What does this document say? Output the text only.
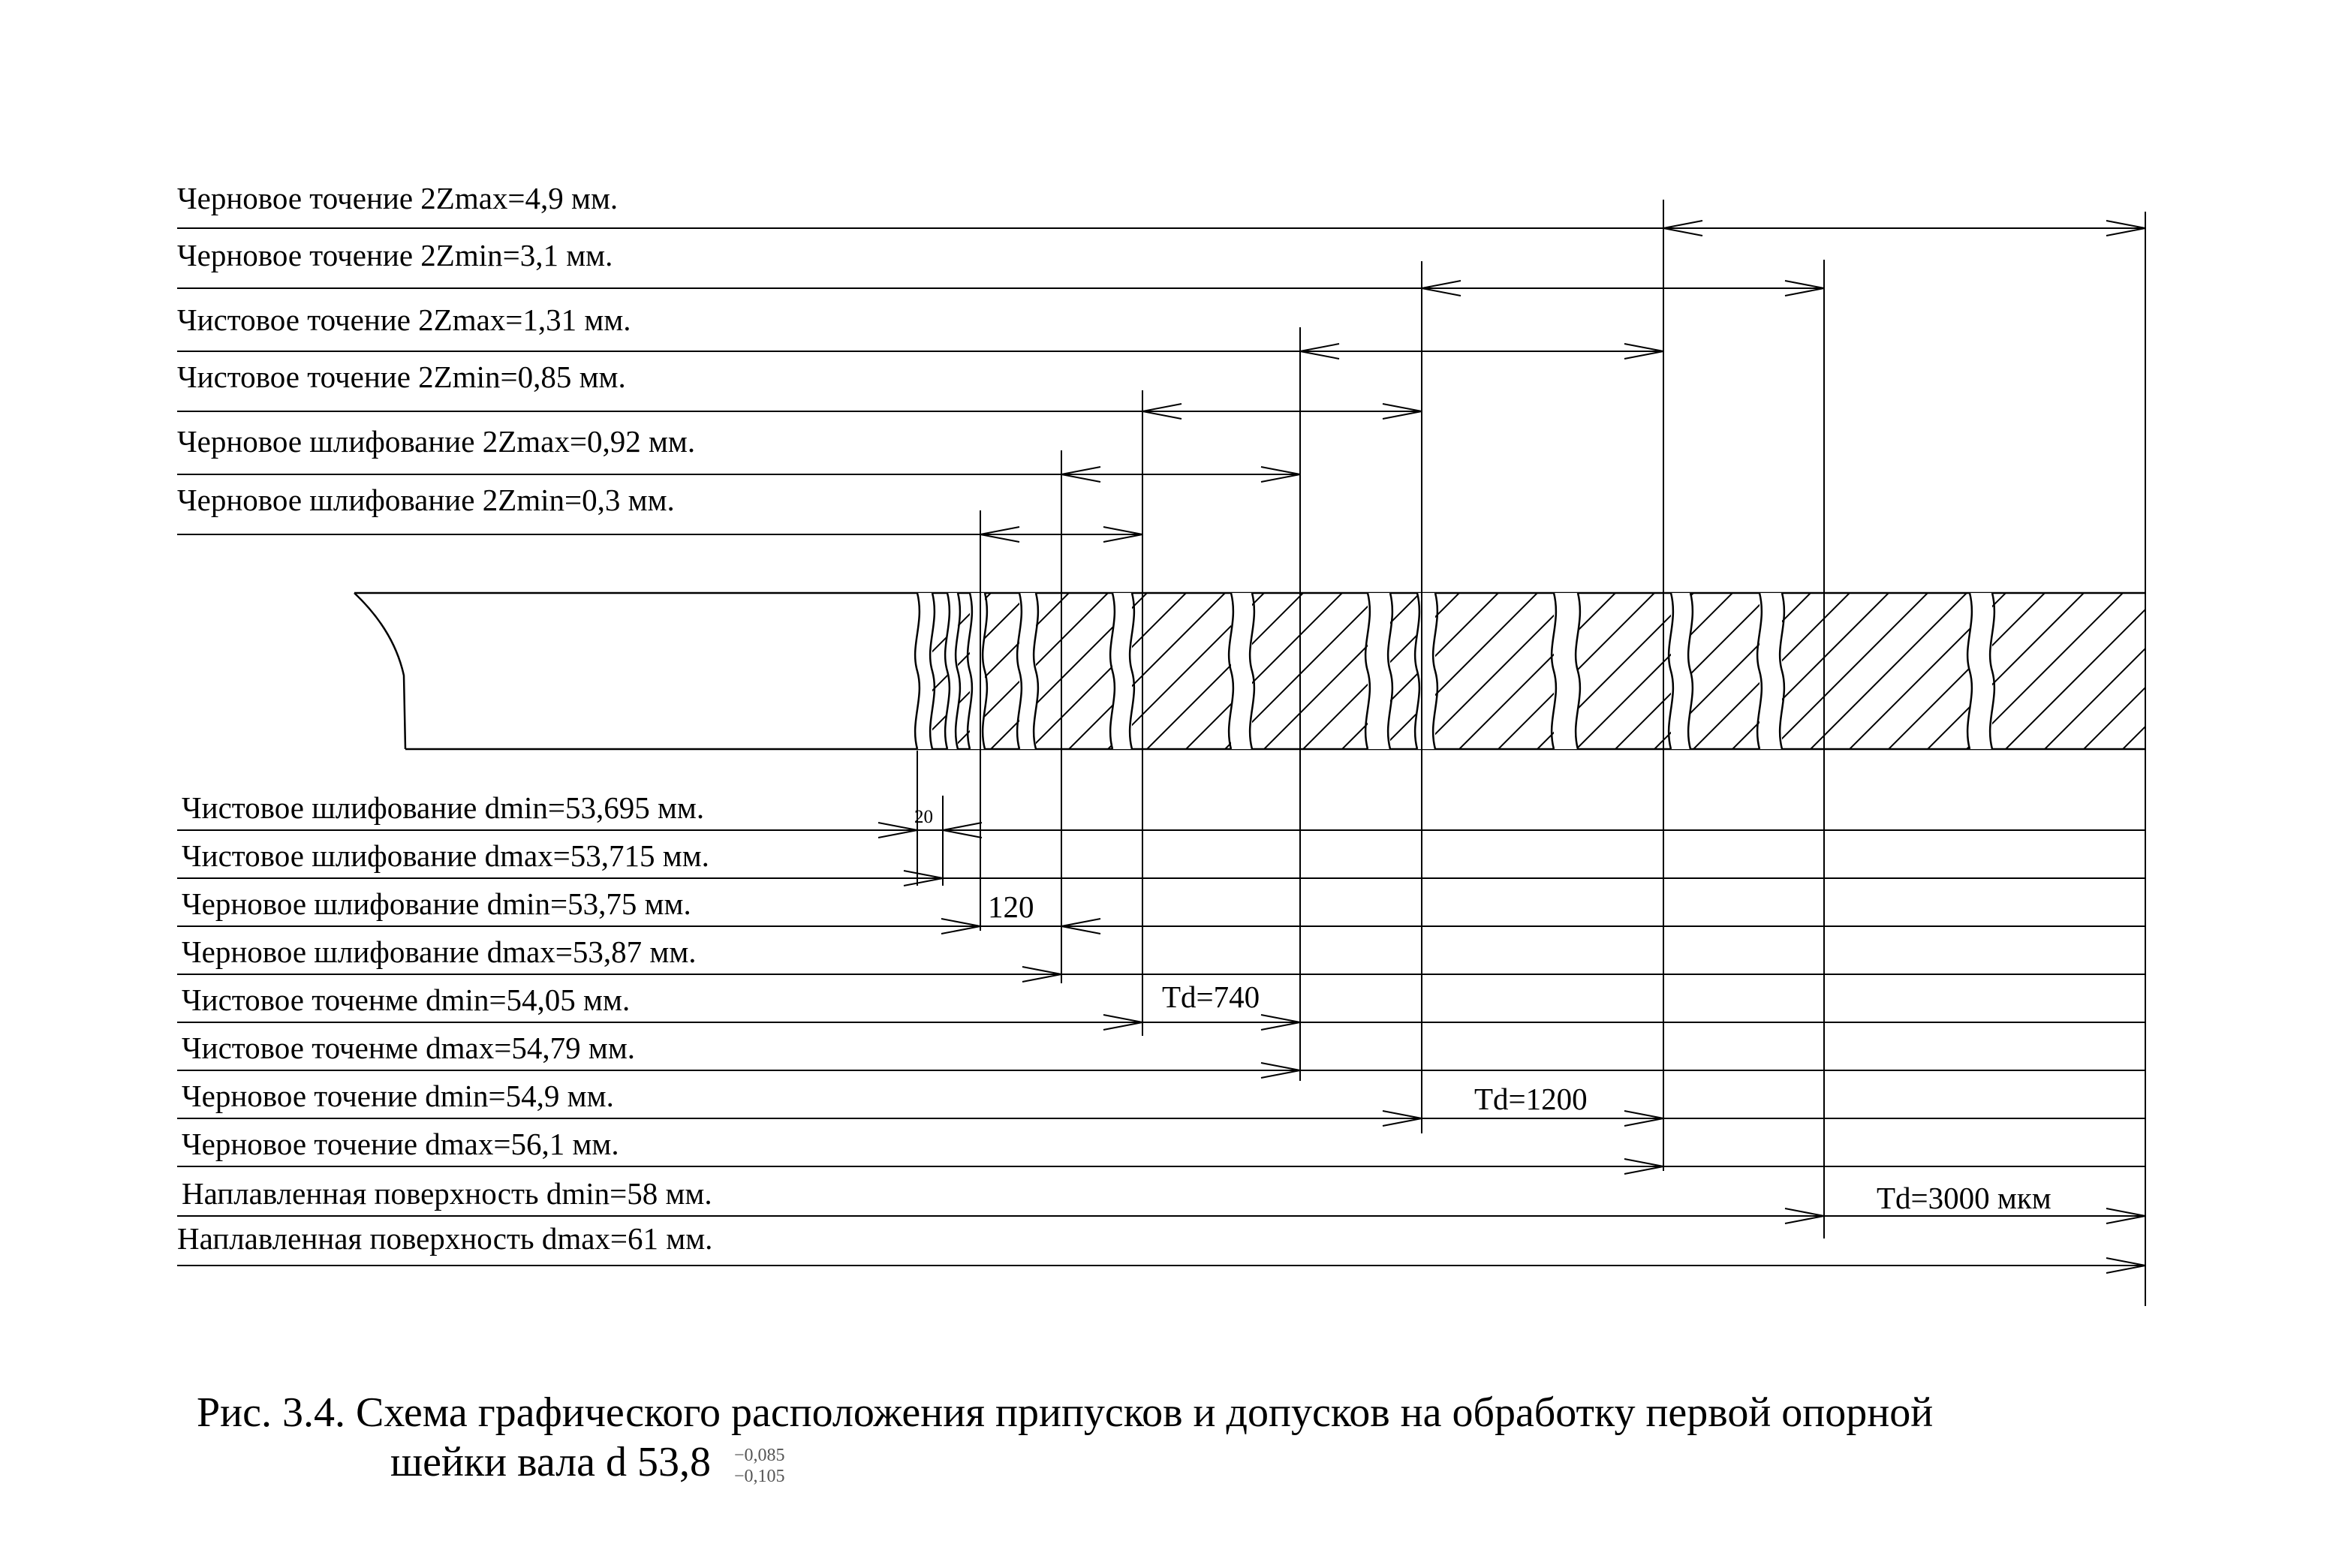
Черновое точение 2Zmax=4,9 мм.
Черновое точение 2Zmin=3,1 мм.
Чистовое точение 2Zmax=1,31 мм.
Чистовое точение 2Zmin=0,85 мм.
Черновое шлифование 2Zmax=0,92 мм.
Черновое шлифование 2Zmin=0,3 мм.
Чистовое шлифование dmin=53,695 мм.
Чистовое шлифование dmax=53,715 мм.
Черновое шлифование dmin=53,75 мм.
Черновое шлифование dmax=53,87 мм.
Чистовое точенме dmin=54,05 мм.
Чистовое точенме dmax=54,79 мм.
Черновое точение dmin=54,9 мм.
Черновое точение dmax=56,1 мм.
Наплавленная поверхность dmin=58 мм.
Наплавленная поверхность dmax=61 мм.
20
120
Td=740
Td=1200
Td=3000 мкм
Рис. 3.4. Схема графического расположения припусков и допусков на обработку первой опорной
шейки вала d 53,8 −0,085
−0,105
